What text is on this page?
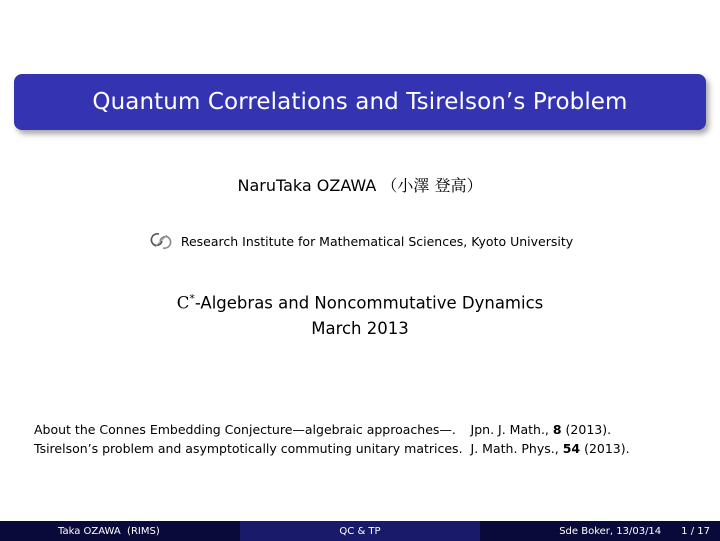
Quantum Correlations and Tsirelson’s Problem
NaruTaka OZAWA （小澤 登高）
Research Institute for Mathematical Sciences, Kyoto University
C*-Algebras and Noncommutative Dynamics
March 2013
About the Connes Embedding Conjecture—algebraic approaches—.	Jpn. J. Math., 8 (2013).
Tsirelson’s problem and asymptotically commuting unitary matrices.	J. Math. Phys., 54 (2013).
Taka OZAWA  (RIMS)	QC & TP	Sde Boker, 13/03/14 1 / 17
